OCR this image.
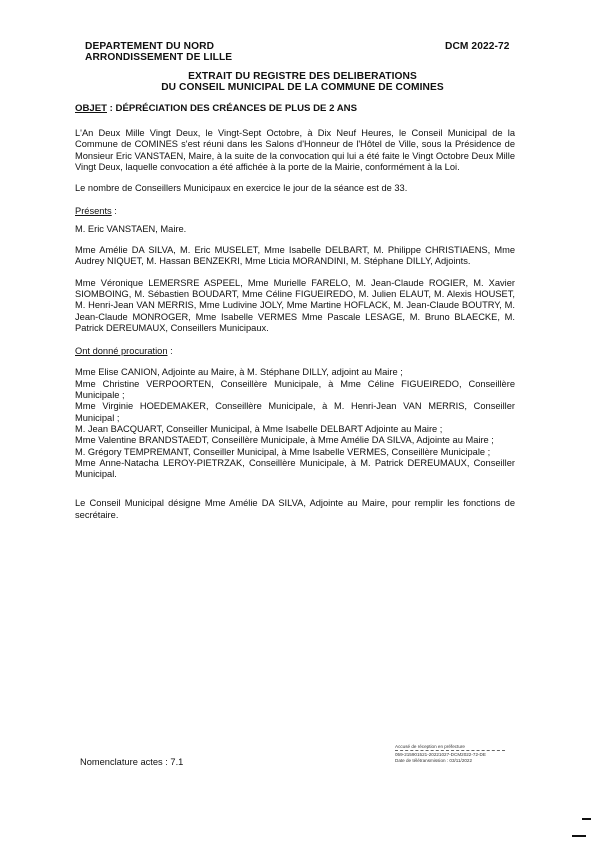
DEPARTEMENT DU NORD
ARRONDISSEMENT DE LILLE
DCM 2022-72
EXTRAIT DU REGISTRE DES DELIBERATIONS
DU CONSEIL MUNICIPAL DE LA COMMUNE DE COMINES
OBJET : DÉPRÉCIATION DES CRÉANCES DE PLUS DE 2 ANS

L'An Deux Mille Vingt Deux, le Vingt-Sept Octobre, à Dix Neuf Heures, le Conseil Municipal de la Commune de COMINES s'est réuni dans les Salons d'Honneur de l'Hôtel de Ville, sous la Présidence de Monsieur Eric VANSTAEN, Maire, à la suite de la convocation qui lui a été faite le Vingt Octobre Deux Mille Vingt Deux, laquelle convocation a été affichée à la porte de la Mairie, conformément à la Loi.

Le nombre de Conseillers Municipaux en exercice le jour de la séance est de 33.

Présents :

M. Eric VANSTAEN, Maire.

Mme Amélie DA SILVA, M. Eric MUSELET, Mme Isabelle DELBART, M. Philippe CHRISTIAENS, Mme Audrey NIQUET, M. Hassan BENZEKRI, Mme Lticia MORANDINI, M. Stéphane DILLY, Adjoints.

Mme Véronique LEMERSRE ASPEEL, Mme Murielle FARELO, M. Jean-Claude ROGIER, M. Xavier SIOMBOING, M. Sébastien BOUDART, Mme Céline FIGUEIREDO, M. Julien ELAUT, M. Alexis HOUSET, M. Henri-Jean VAN MERRIS, Mme Ludivine JOLY, Mme Martine HOFLACK, M. Jean-Claude BOUTRY, M. Jean-Claude MONROGER, Mme Isabelle VERMES Mme Pascale LESAGE, M. Bruno BLAECKE, M. Patrick DEREUMAUX, Conseillers Municipaux.

Ont donné procuration :

Mme Elise CANION, Adjointe au Maire, à M. Stéphane DILLY, adjoint au Maire ;

Mme Christine VERPOORTEN, Conseillère Municipale, à Mme Céline FIGUEIREDO, Conseillère Municipale ;

Mme Virginie HOEDEMAKER, Conseillère Municipale, à M. Henri-Jean VAN MERRIS, Conseiller Municipal ;

M. Jean BACQUART, Conseiller Municipal, à Mme Isabelle DELBART Adjointe au Maire ;

Mme Valentine BRANDSTAEDT, Conseillère Municipale, à Mme Amélie DA SILVA, Adjointe au Maire ;

M. Grégory TEMPREMANT, Conseiller Municipal, à Mme Isabelle VERMES, Conseillère Municipale ;

Mme Anne-Natacha LEROY-PIETRZAK, Conseillère Municipale, à M. Patrick DEREUMAUX, Conseiller Municipal.

Le Conseil Municipal désigne Mme Amélie DA SILVA, Adjointe au Maire, pour remplir les fonctions de secrétaire.

Nomenclature actes : 7.1
Accusé de réception en préfecture
059-215901521-20221027-DCM2022-72-DE
Date de télétransmission : 03/11/2022
